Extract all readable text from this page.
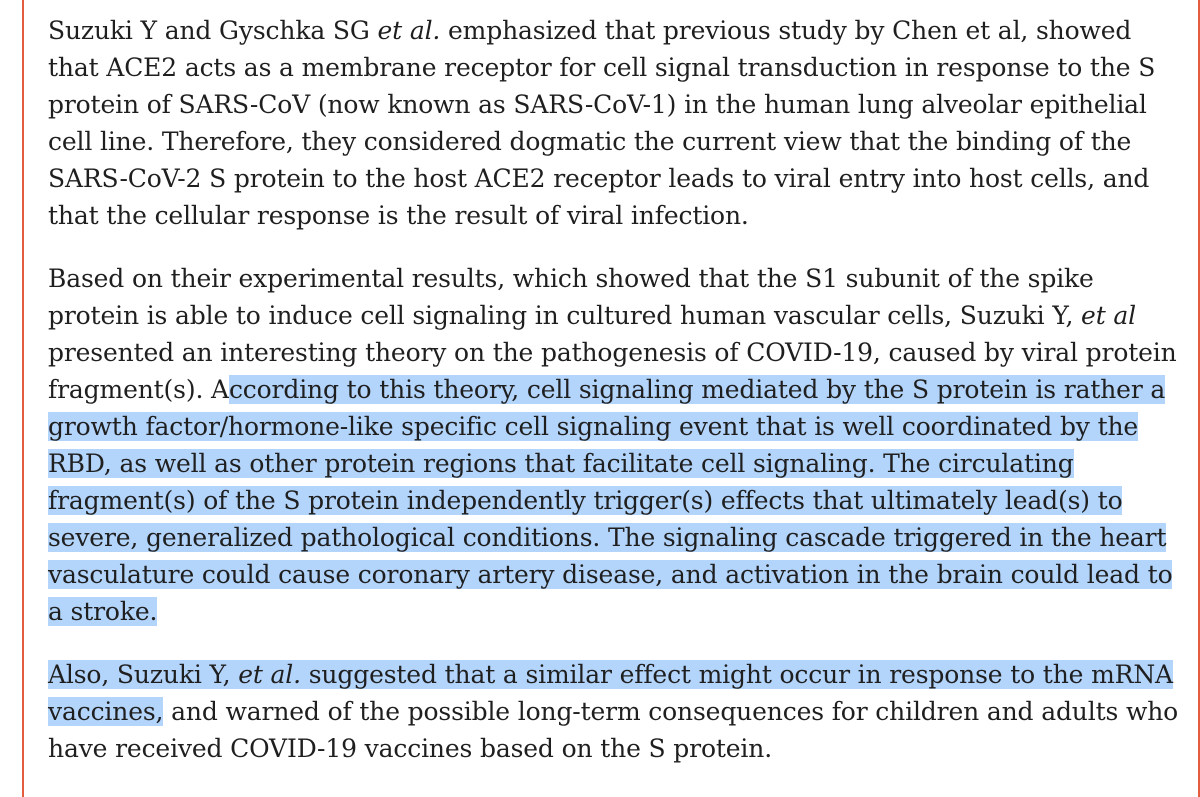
Suzuki Y and Gyschka SG et al. emphasized that previous study by Chen et al, showed that ACE2 acts as a membrane receptor for cell signal transduction in response to the S protein of SARS-CoV (now known as SARS-CoV-1) in the human lung alveolar epithelial cell line. Therefore, they considered dogmatic the current view that the binding of the SARS-CoV-2 S protein to the host ACE2 receptor leads to viral entry into host cells, and that the cellular response is the result of viral infection.

Based on their experimental results, which showed that the S1 subunit of the spike protein is able to induce cell signaling in cultured human vascular cells, Suzuki Y, et al presented an interesting theory on the pathogenesis of COVID-19, caused by viral protein fragment(s). According to this theory, cell signaling mediated by the S protein is rather a growth factor/hormone-like specific cell signaling event that is well coordinated by the RBD, as well as other protein regions that facilitate cell signaling. The circulating fragment(s) of the S protein independently trigger(s) effects that ultimately lead(s) to severe, generalized pathological conditions. The signaling cascade triggered in the heart vasculature could cause coronary artery disease, and activation in the brain could lead to a stroke.

Also, Suzuki Y, et al. suggested that a similar effect might occur in response to the mRNA vaccines, and warned of the possible long-term consequences for children and adults who have received COVID-19 vaccines based on the S protein.
